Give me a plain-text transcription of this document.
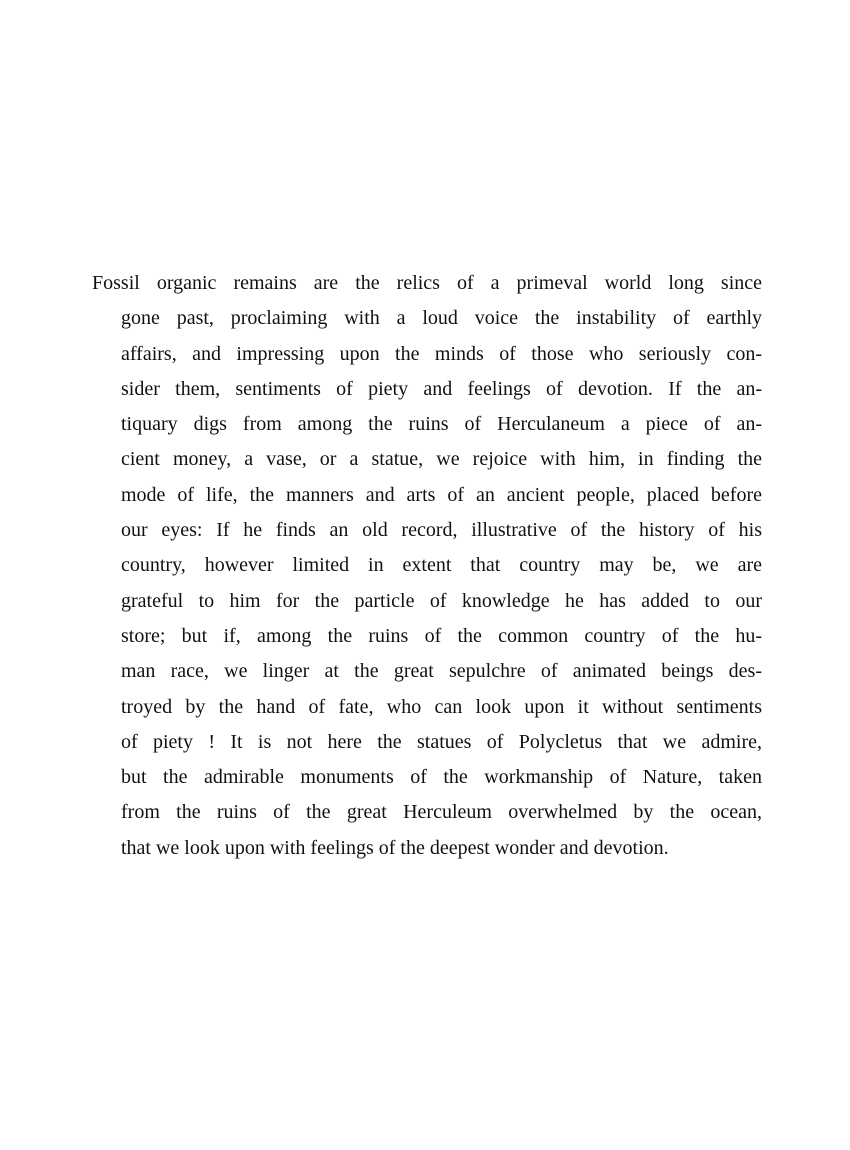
Fossil organic remains are the relics of a primeval world long since
gone past, proclaiming with a loud voice the instability of earthly
affairs, and impressing upon the minds of those who seriously con-
sider them, sentiments of piety and feelings of devotion. If the an-
tiquary digs from among the ruins of Herculaneum a piece of an-
cient money, a vase, or a statue, we rejoice with him, in finding the
mode of life, the manners and arts of an ancient people, placed before
our eyes: If he finds an old record, illustrative of the history of his
country, however limited in extent that country may be, we are
grateful to him for the particle of knowledge he has added to our
store; but if, among the ruins of the common country of the hu-
man race, we linger at the great sepulchre of animated beings des-
troyed by the hand of fate, who can look upon it without sentiments
of piety ! It is not here the statues of Polycletus that we admire,
but the admirable monuments of the workmanship of Nature, taken
from the ruins of the great Herculeum overwhelmed by the ocean,
that we look upon with feelings of the deepest wonder and devotion.
